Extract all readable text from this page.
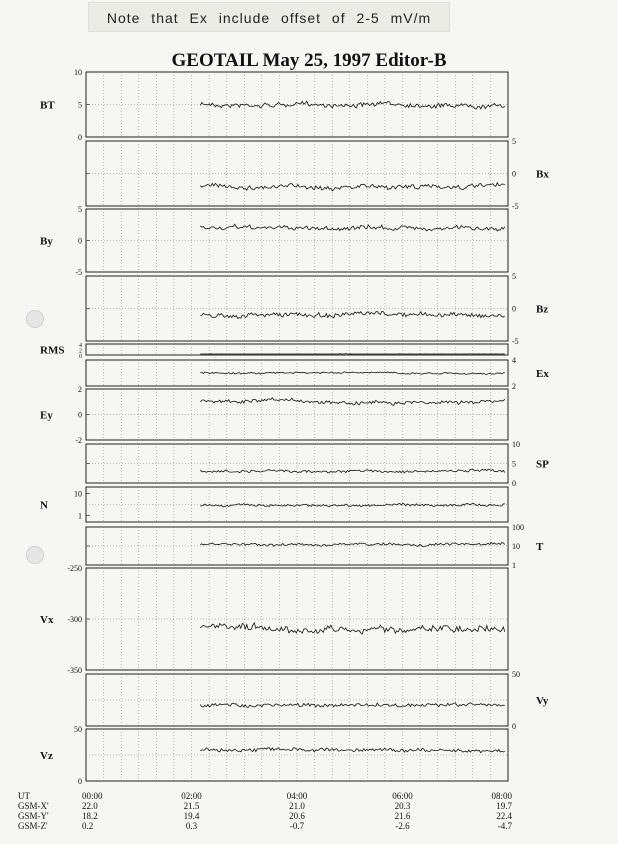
Note that Ex include offset of 2-5 mV/m
GEOTAIL May 25, 1997 Editor-B
10
5
0
BT
5
0
-5
Bx
5
0
-5
By
5
0
-5
Bz
4
2
0
RMS
4
2
Ex
2
0
-2
Ey
10
5
0
SP
10
1
N
100
10
1
T
-250
-300
-350
Vx
50
0
Vy
50
0
Vz
UT	00:00	02:00	04:00	06:00	08:00
GSM-X'	22.0	21.5	21.0	20.3	19.7
GSM-Y'	18.2	19.4	20.6	21.6	22.4
GSM-Z'	0.2	0.3	-0.7	-2.6	-4.7
